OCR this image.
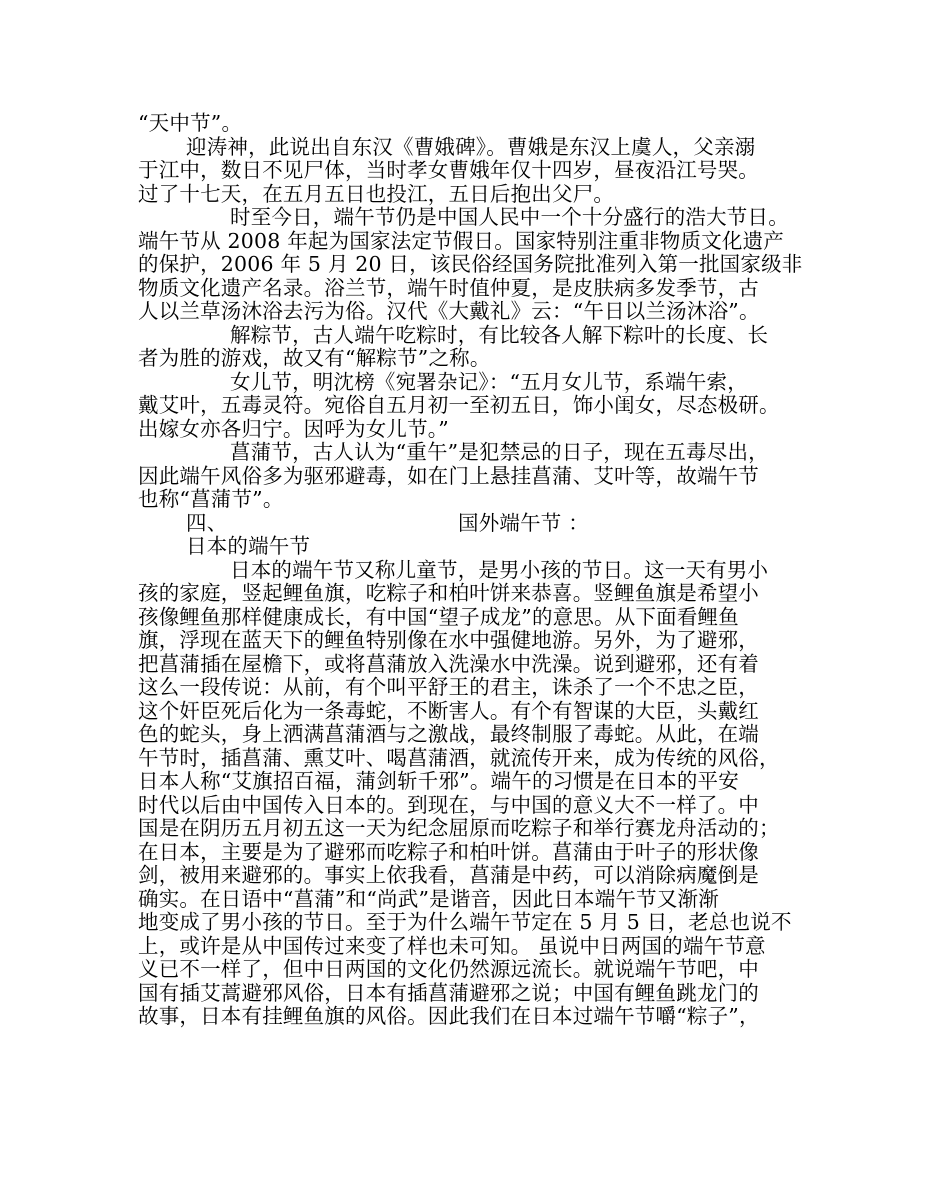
“天中节”。
迎涛神，此说出自东汉《曹娥碑》。曹娥是东汉上虞人，父亲溺
于江中，数日不见尸体，当时孝女曹娥年仅十四岁，昼夜沿江号哭。
过了十七天，在五月五日也投江，五日后抱出父尸。
时至今日，端午节仍是中国人民中一个十分盛行的浩大节日。
端午节从 2008 年起为国家法定节假日。国家特别注重非物质文化遗产
的保护，2006 年 5 月 20 日，该民俗经国务院批准列入第一批国家级非
物质文化遗产名录。浴兰节，端午时值仲夏，是皮肤病多发季节，古
人以兰草汤沐浴去污为俗。汉代《大戴礼》云：“午日以兰汤沐浴”。
解粽节，古人端午吃粽时，有比较各人解下粽叶的长度、长
者为胜的游戏，故又有“解粽节”之称。
女儿节，明沈榜《宛署杂记》：“五月女儿节，系端午索，
戴艾叶，五毒灵符。宛俗自五月初一至初五日，饰小闺女，尽态极研。
出嫁女亦各归宁。因呼为女儿节。”
菖蒲节，古人认为“重午”是犯禁忌的日子，现在五毒尽出，
因此端午风俗多为驱邪避毒，如在门上悬挂菖蒲、艾叶等，故端午节
也称“菖蒲节”。
四、	国外端午节 ：
日本的端午节
日本的端午节又称儿童节，是男小孩的节日。这一天有男小
孩的家庭，竖起鲤鱼旗，吃粽子和柏叶饼来恭喜。竖鲤鱼旗是希望小
孩像鲤鱼那样健康成长，有中国“望子成龙”的意思。从下面看鲤鱼
旗，浮现在蓝天下的鲤鱼特别像在水中强健地游。另外，为了避邪，
把菖蒲插在屋檐下，或将菖蒲放入洗澡水中洗澡。说到避邪，还有着
这么一段传说：从前，有个叫平舒王的君主，诛杀了一个不忠之臣，
这个奸臣死后化为一条毒蛇，不断害人。有个有智谋的大臣，头戴红
色的蛇头，身上洒满菖蒲酒与之激战，最终制服了毒蛇。从此，在端
午节时，插菖蒲、熏艾叶、喝菖蒲酒，就流传开来，成为传统的风俗，
日本人称“艾旗招百福，蒲剑斩千邪”。端午的习惯是在日本的平安
时代以后由中国传入日本的。到现在，与中国的意义大不一样了。中
国是在阴历五月初五这一天为纪念屈原而吃粽子和举行赛龙舟活动的；
在日本，主要是为了避邪而吃粽子和柏叶饼。菖蒲由于叶子的形状像
剑，被用来避邪的。事实上依我看，菖蒲是中药，可以消除病魔倒是
确实。在日语中“菖蒲”和“尚武”是谐音，因此日本端午节又渐渐
地变成了男小孩的节日。至于为什么端午节定在 5 月 5 日，老总也说不
上，或许是从中国传过来变了样也未可知。 虽说中日两国的端午节意
义已不一样了，但中日两国的文化仍然源远流长。就说端午节吧，中
国有插艾蒿避邪风俗，日本有插菖蒲避邪之说；中国有鲤鱼跳龙门的
故事，日本有挂鲤鱼旗的风俗。因此我们在日本过端午节嚼“粽子”，
